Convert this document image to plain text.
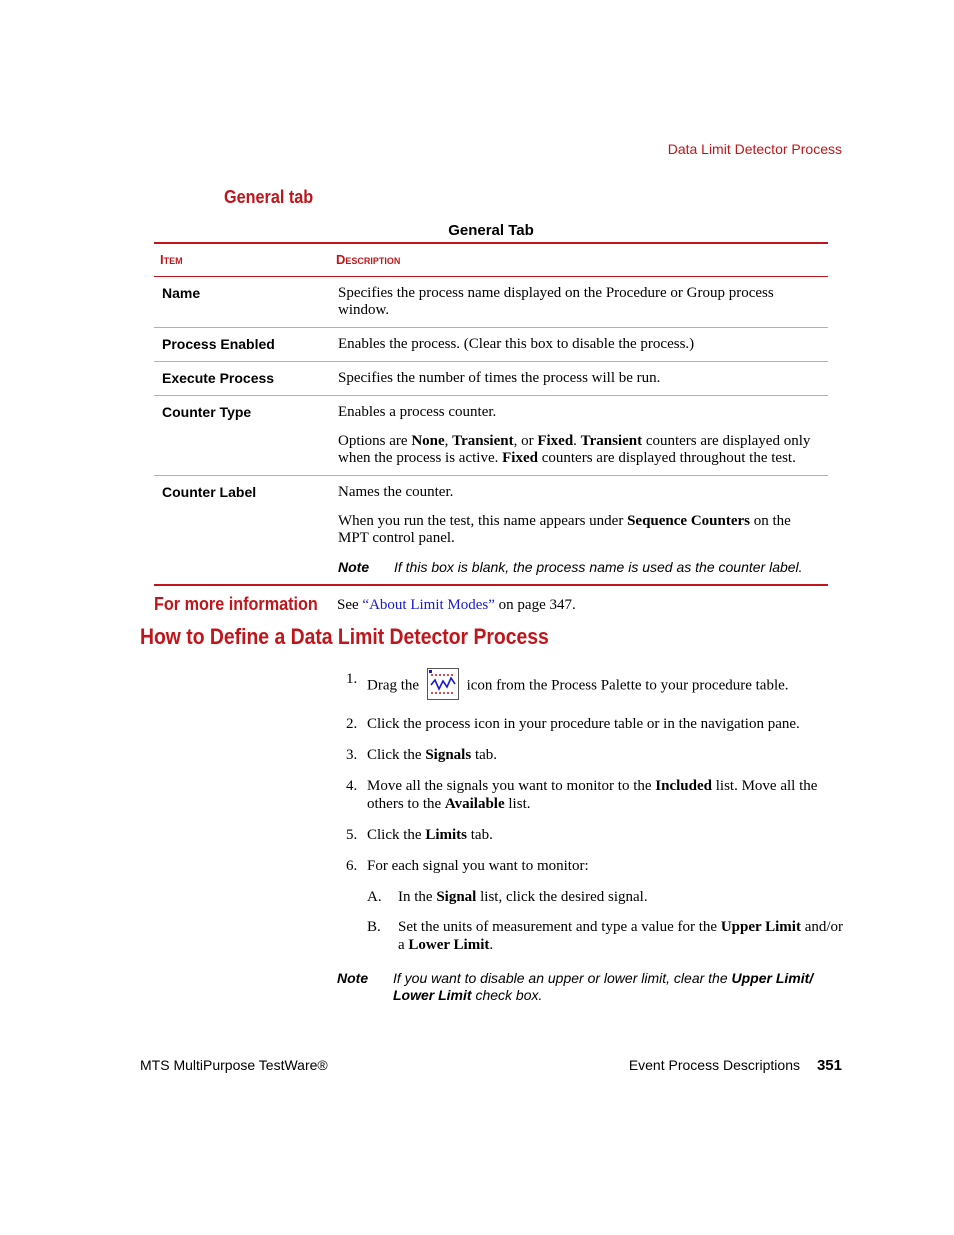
Data Limit Detector Process
General tab
General Tab
Item	Description
Name	Specifies the process name displayed on the Procedure or Group process window.

Process Enabled	Enables the process. (Clear this box to disable the process.)

Execute Process	Specifies the number of times the process will be run.

Counter Type	Enables a process counter.

Options are None, Transient, or Fixed. Transient counters are displayed only when the process is active. Fixed counters are displayed throughout the test.

Counter Label	Names the counter.

When you run the test, this name appears under Sequence Counters on the MPT control panel.

Note If this box is blank, the process name is used as the counter label.
For more information See “About Limit Modes” on page 347.
How to Define a Data Limit Detector Process
1. Drag the	icon from the Process Palette to your procedure table.
2. Click the process icon in your procedure table or in the navigation pane.
3. Click the Signals tab.
4. Move all the signals you want to monitor to the Included list. Move all the others to the Available list.
5. Click the Limits tab.
6. For each signal you want to monitor:
A.	In the Signal list, click the desired signal.
B.	Set the units of measurement and type a value for the Upper Limit and/or a Lower Limit.
Note	If you want to disable an upper or lower limit, clear the Upper Limit/ Lower Limit check box.
MTS MultiPurpose TestWare®	Event Process Descriptions 351
